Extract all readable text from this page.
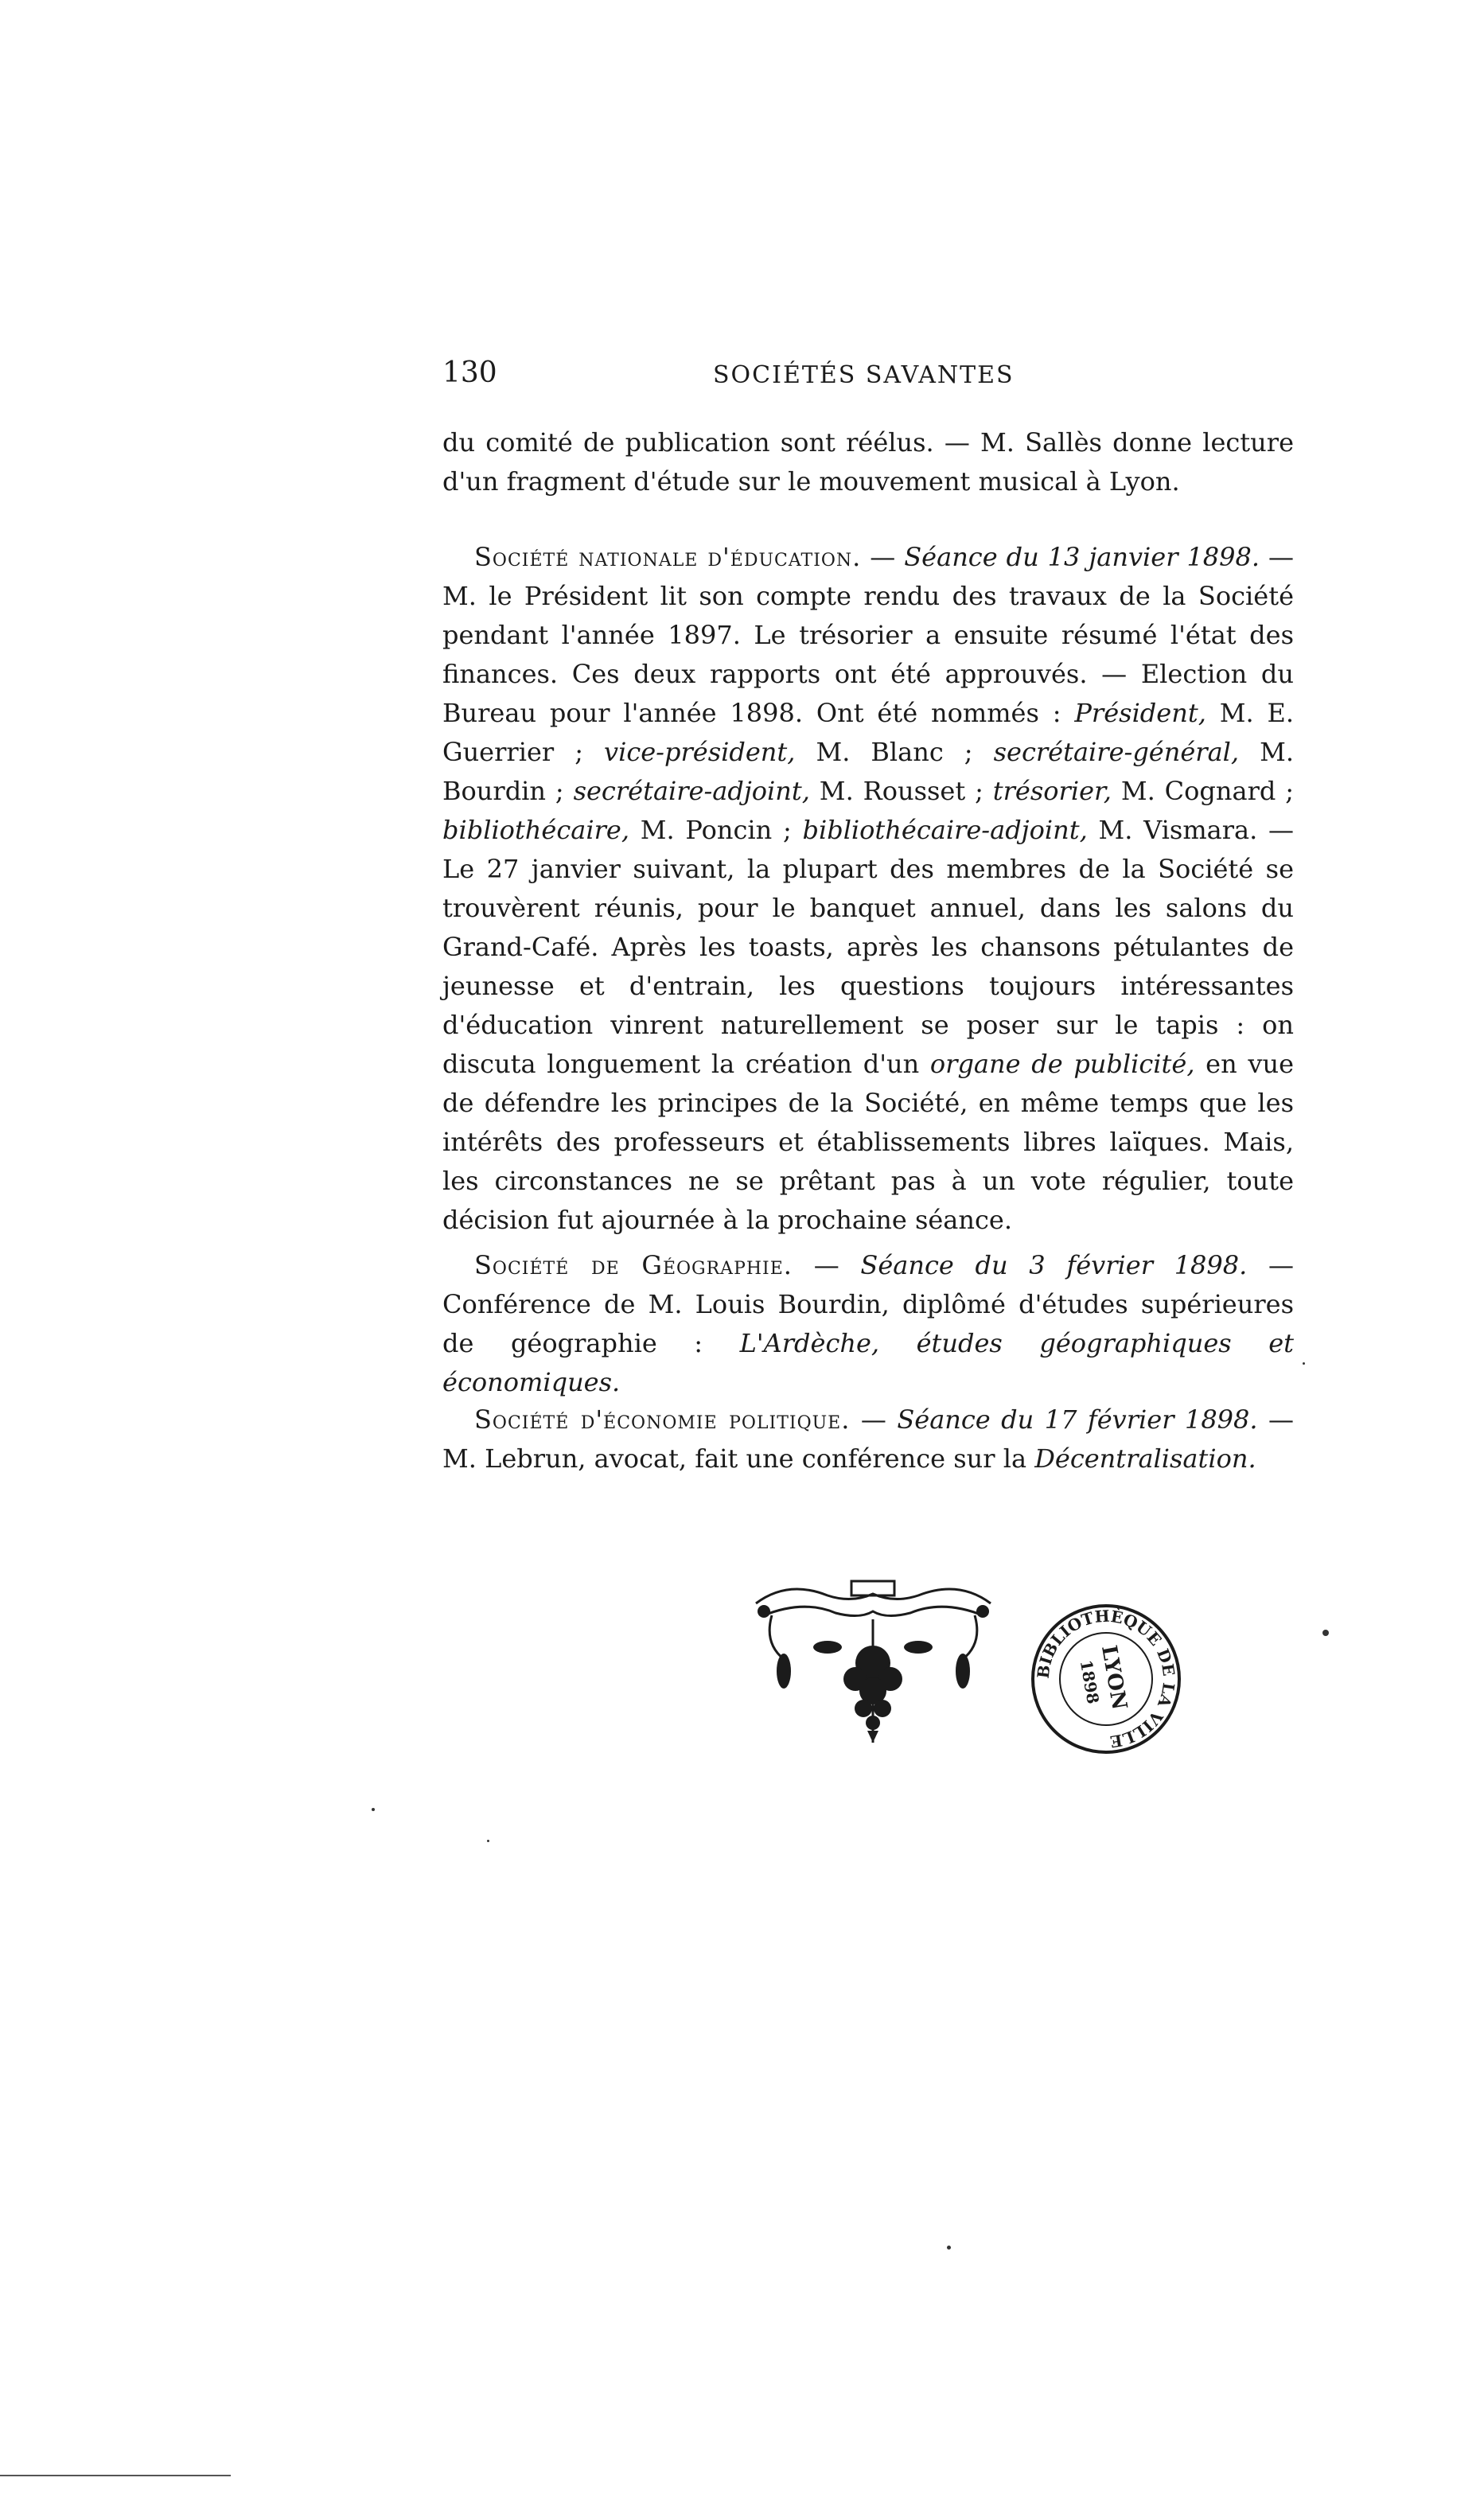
130	SOCIÉTÉS SAVANTES

du comité de publication sont réélus. — M. Sallès donne lecture d'un fragment d'étude sur le mouvement musical à Lyon.

Société nationale d'éducation. — Séance du 13 janvier 1898. — M. le Président lit son compte rendu des travaux de la Société pendant l'année 1897. Le trésorier a ensuite résumé l'état des finances. Ces deux rapports ont été approuvés. — Election du Bureau pour l'année 1898. Ont été nommés : Président, M. E. Guerrier ; vice-président, M. Blanc ; secrétaire-général, M. Bourdin ; secrétaire-adjoint, M. Rousset ; trésorier, M. Cognard ; bibliothécaire, M. Poncin ; bibliothécaire-adjoint, M. Vismara. — Le 27 janvier suivant, la plupart des membres de la Société se trouvèrent réunis, pour le banquet annuel, dans les salons du Grand-Café. Après les toasts, après les chansons pétulantes de jeunesse et d'entrain, les questions toujours intéressantes d'éducation vinrent naturellement se poser sur le tapis : on discuta longuement la création d'un organe de publicité, en vue de défendre les principes de la Société, en même temps que les intérêts des professeurs et établissements libres laïques. Mais, les circonstances ne se prêtant pas à un vote régulier, toute décision fut ajournée à la prochaine séance.

Société de Géographie. — Séance du 3 février 1898. — Conférence de M. Louis Bourdin, diplômé d'études supérieures de géographie : L'Ardèche, études géographiques et économiques.

Société d'économie politique. — Séance du 17 février 1898. — M. Lebrun, avocat, fait une conférence sur la Décentralisation.

BIBLIOTHÈQUE DE LA VILLE
LYON
1898
